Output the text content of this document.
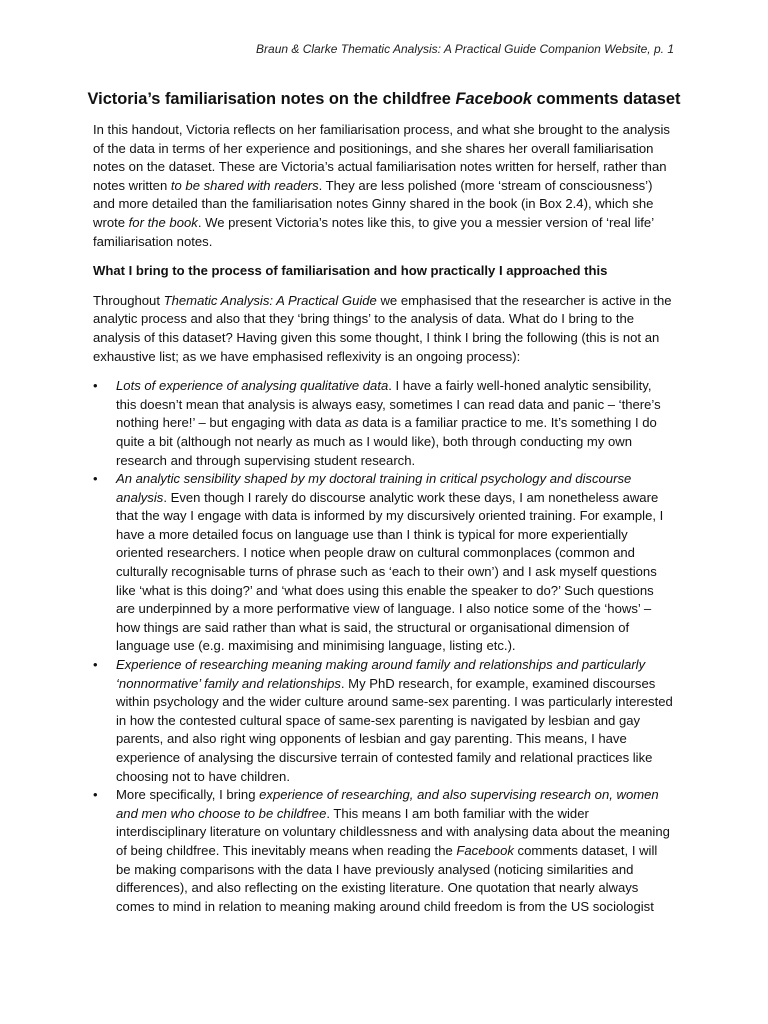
Braun & Clarke Thematic Analysis: A Practical Guide Companion Website, p. 1
Victoria’s familiarisation notes on the childfree Facebook comments dataset

In this handout, Victoria reflects on her familiarisation process, and what she brought to the analysis of the data in terms of her experience and positionings, and she shares her overall familiarisation notes on the dataset. These are Victoria’s actual familiarisation notes written for herself, rather than notes written to be shared with readers. They are less polished (more ‘stream of consciousness’) and more detailed than the familiarisation notes Ginny shared in the book (in Box 2.4), which she wrote for the book. We present Victoria’s notes like this, to give you a messier version of ‘real life’ familiarisation notes.

What I bring to the process of familiarisation and how practically I approached this

Throughout Thematic Analysis: A Practical Guide we emphasised that the researcher is active in the analytic process and also that they ‘bring things’ to the analysis of data. What do I bring to the analysis of this dataset? Having given this some thought, I think I bring the following (this is not an exhaustive list; as we have emphasised reflexivity is an ongoing process):

• Lots of experience of analysing qualitative data. I have a fairly well-honed analytic sensibility, this doesn’t mean that analysis is always easy, sometimes I can read data and panic – ‘there’s nothing here!’ – but engaging with data as data is a familiar practice to me. It’s something I do quite a bit (although not nearly as much as I would like), both through conducting my own research and through supervising student research.
• An analytic sensibility shaped by my doctoral training in critical psychology and discourse analysis. Even though I rarely do discourse analytic work these days, I am nonetheless aware that the way I engage with data is informed by my discursively oriented training. For example, I have a more detailed focus on language use than I think is typical for more experientially oriented researchers. I notice when people draw on cultural commonplaces (common and culturally recognisable turns of phrase such as ‘each to their own’) and I ask myself questions like ‘what is this doing?’ and ‘what does using this enable the speaker to do?’ Such questions are underpinned by a more performative view of language. I also notice some of the ‘hows’ – how things are said rather than what is said, the structural or organisational dimension of language use (e.g. maximising and minimising language, listing etc.).
• Experience of researching meaning making around family and relationships and particularly ‘nonnormative’ family and relationships. My PhD research, for example, examined discourses within psychology and the wider culture around same-sex parenting. I was particularly interested in how the contested cultural space of same-sex parenting is navigated by lesbian and gay parents, and also right wing opponents of lesbian and gay parenting. This means, I have experience of analysing the discursive terrain of contested family and relational practices like choosing not to have children.
• More specifically, I bring experience of researching, and also supervising research on, women and men who choose to be childfree. This means I am both familiar with the wider interdisciplinary literature on voluntary childlessness and with analysing data about the meaning of being childfree. This inevitably means when reading the Facebook comments dataset, I will be making comparisons with the data I have previously analysed (noticing similarities and differences), and also reflecting on the existing literature. One quotation that nearly always comes to mind in relation to meaning making around child freedom is from the US sociologist
